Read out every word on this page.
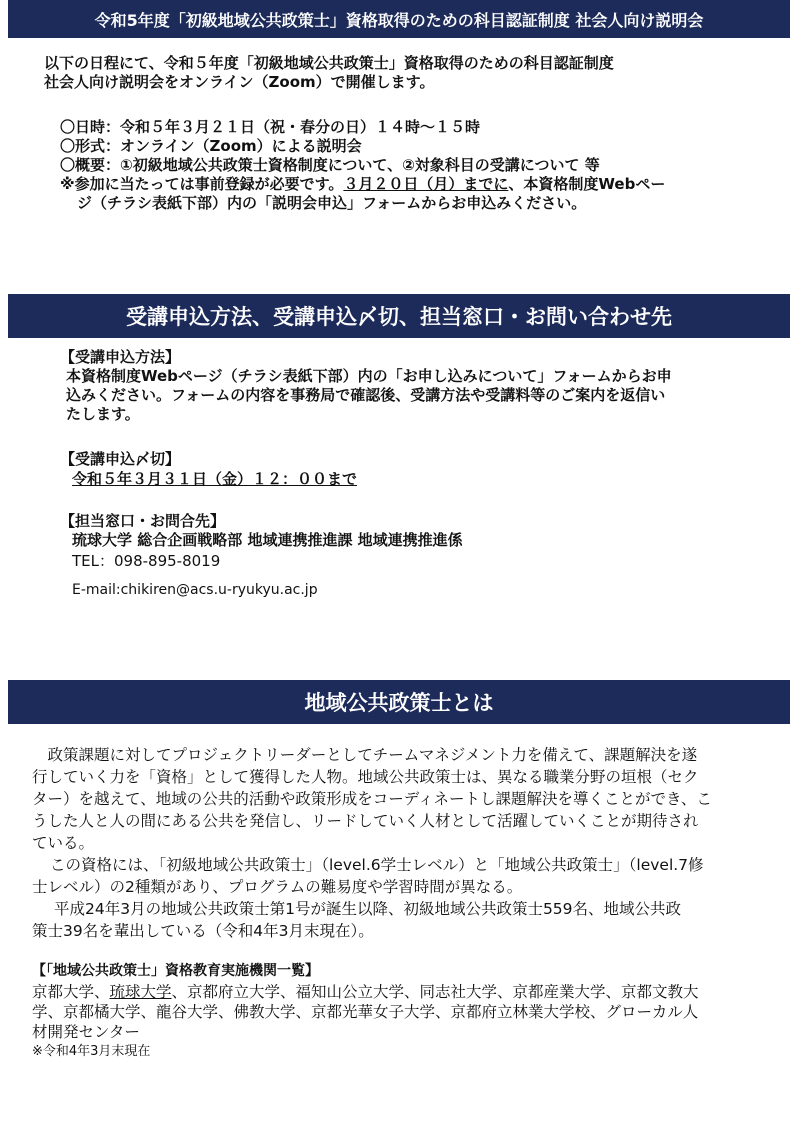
令和5年度「初級地域公共政策士」資格取得のための科目認証制度 社会人向け説明会
以下の日程にて、令和５年度「初級地域公共政策士」資格取得のための科目認証制度
社会人向け説明会をオンライン（Zoom）で開催します。
〇日時：令和５年３月２１日（祝・春分の日）１４時～１５時
〇形式：オンライン（Zoom）による説明会
〇概要：①初級地域公共政策士資格制度について、②対象科目の受講について 等
※参加に当たっては事前登録が必要です。３月２０日（月）までに、本資格制度Webペー
ジ（チラシ表紙下部）内の「説明会申込」フォームからお申込みください。
受講申込方法、受講申込〆切、担当窓口・お問い合わせ先
【受講申込方法】
本資格制度Webページ（チラシ表紙下部）内の「お申し込みについて」フォームからお申
込みください。フォームの内容を事務局で確認後、受講方法や受講料等のご案内を返信い
たします。
【受講申込〆切】
令和５年３月３１日（金）１２：００まで
【担当窓口・お問合先】
琉球大学 総合企画戦略部 地域連携推進課 地域連携推進係
TEL：098-895-8019
E-mail:chikiren@acs.u-ryukyu.ac.jp
地域公共政策士とは
　政策課題に対してプロジェクトリーダーとしてチームマネジメント力を備えて、課題解決を遂
行していく力を「資格」として獲得した人物。地域公共政策士は、異なる職業分野の垣根（セク
ター）を越えて、地域の公共的活動や政策形成をコーディネートし課題解決を導くことができ、こ
うした人と人の間にある公共を発信し、リードしていく人材として活躍していくことが期待され
ている。
この資格には、「初級地域公共政策士」（level.6学士レベル）と「地域公共政策士」（level.7修
士レベル）の2種類があり、プログラムの難易度や学習時間が異なる。
平成24年3月の地域公共政策士第1号が誕生以降、初級地域公共政策士559名、地域公共政
策士39名を輩出している（令和4年3月末現在）。
【「地域公共政策士」資格教育実施機関一覧】
京都大学、琉球大学、京都府立大学、福知山公立大学、同志社大学、京都産業大学、京都文教大
学、京都橘大学、龍谷大学、佛教大学、京都光華女子大学、京都府立林業大学校、グローカル人
材開発センター
※令和4年3月末現在
